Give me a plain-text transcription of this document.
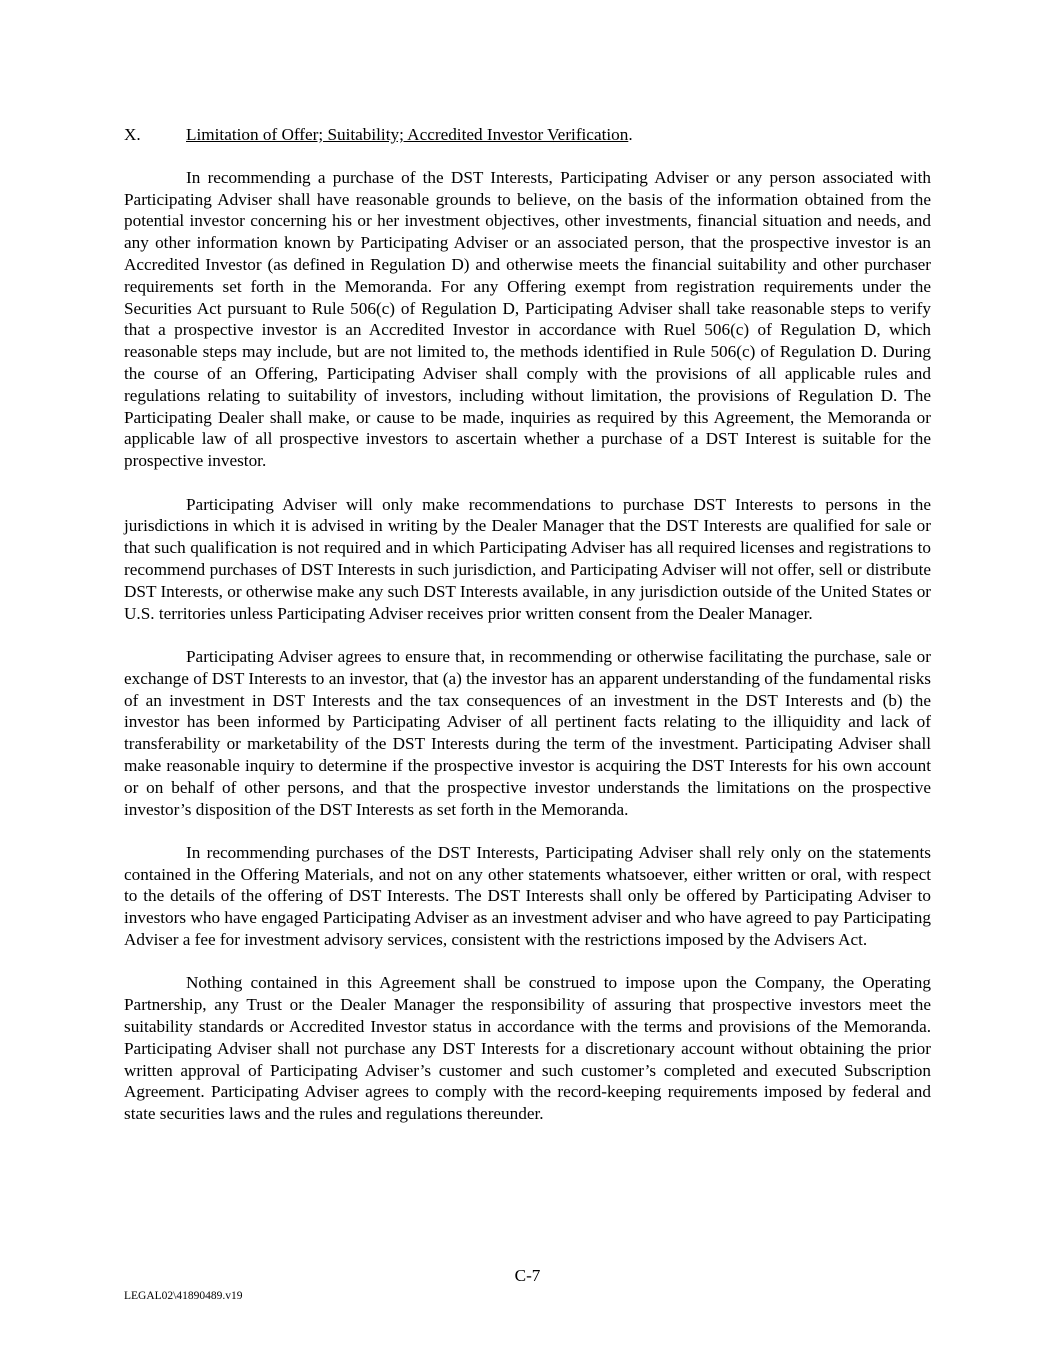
X.	Limitation of Offer; Suitability; Accredited Investor Verification.

In recommending a purchase of the DST Interests, Participating Adviser or any person associated with Participating Adviser shall have reasonable grounds to believe, on the basis of the information obtained from the potential investor concerning his or her investment objectives, other investments, financial situation and needs, and any other information known by Participating Adviser or an associated person, that the prospective investor is an Accredited Investor (as defined in Regulation D) and otherwise meets the financial suitability and other purchaser requirements set forth in the Memoranda. For any Offering exempt from registration requirements under the Securities Act pursuant to Rule 506(c) of Regulation D, Participating Adviser shall take reasonable steps to verify that a prospective investor is an Accredited Investor in accordance with Ruel 506(c) of Regulation D, which reasonable steps may include, but are not limited to, the methods identified in Rule 506(c) of Regulation D. During the course of an Offering, Participating Adviser shall comply with the provisions of all applicable rules and regulations relating to suitability of investors, including without limitation, the provisions of Regulation D. The Participating Dealer shall make, or cause to be made, inquiries as required by this Agreement, the Memoranda or applicable law of all prospective investors to ascertain whether a purchase of a DST Interest is suitable for the prospective investor.

Participating Adviser will only make recommendations to purchase DST Interests to persons in the jurisdictions in which it is advised in writing by the Dealer Manager that the DST Interests are qualified for sale or that such qualification is not required and in which Participating Adviser has all required licenses and registrations to recommend purchases of DST Interests in such jurisdiction, and Participating Adviser will not offer, sell or distribute DST Interests, or otherwise make any such DST Interests available, in any jurisdiction outside of the United States or U.S. territories unless Participating Adviser receives prior written consent from the Dealer Manager.

Participating Adviser agrees to ensure that, in recommending or otherwise facilitating the purchase, sale or exchange of DST Interests to an investor, that (a) the investor has an apparent understanding of the fundamental risks of an investment in DST Interests and the tax consequences of an investment in the DST Interests and (b) the investor has been informed by Participating Adviser of all pertinent facts relating to the illiquidity and lack of transferability or marketability of the DST Interests during the term of the investment. Participating Adviser shall make reasonable inquiry to determine if the prospective investor is acquiring the DST Interests for his own account or on behalf of other persons, and that the prospective investor understands the limitations on the prospective investor’s disposition of the DST Interests as set forth in the Memoranda.

In recommending purchases of the DST Interests, Participating Adviser shall rely only on the statements contained in the Offering Materials, and not on any other statements whatsoever, either written or oral, with respect to the details of the offering of DST Interests. The DST Interests shall only be offered by Participating Adviser to investors who have engaged Participating Adviser as an investment adviser and who have agreed to pay Participating Adviser a fee for investment advisory services, consistent with the restrictions imposed by the Advisers Act.

Nothing contained in this Agreement shall be construed to impose upon the Company, the Operating Partnership, any Trust or the Dealer Manager the responsibility of assuring that prospective investors meet the suitability standards or Accredited Investor status in accordance with the terms and provisions of the Memoranda. Participating Adviser shall not purchase any DST Interests for a discretionary account without obtaining the prior written approval of Participating Adviser’s customer and such customer’s completed and executed Subscription Agreement. Participating Adviser agrees to comply with the record-keeping requirements imposed by federal and state securities laws and the rules and regulations thereunder.

C-7
LEGAL02\41890489.v19
